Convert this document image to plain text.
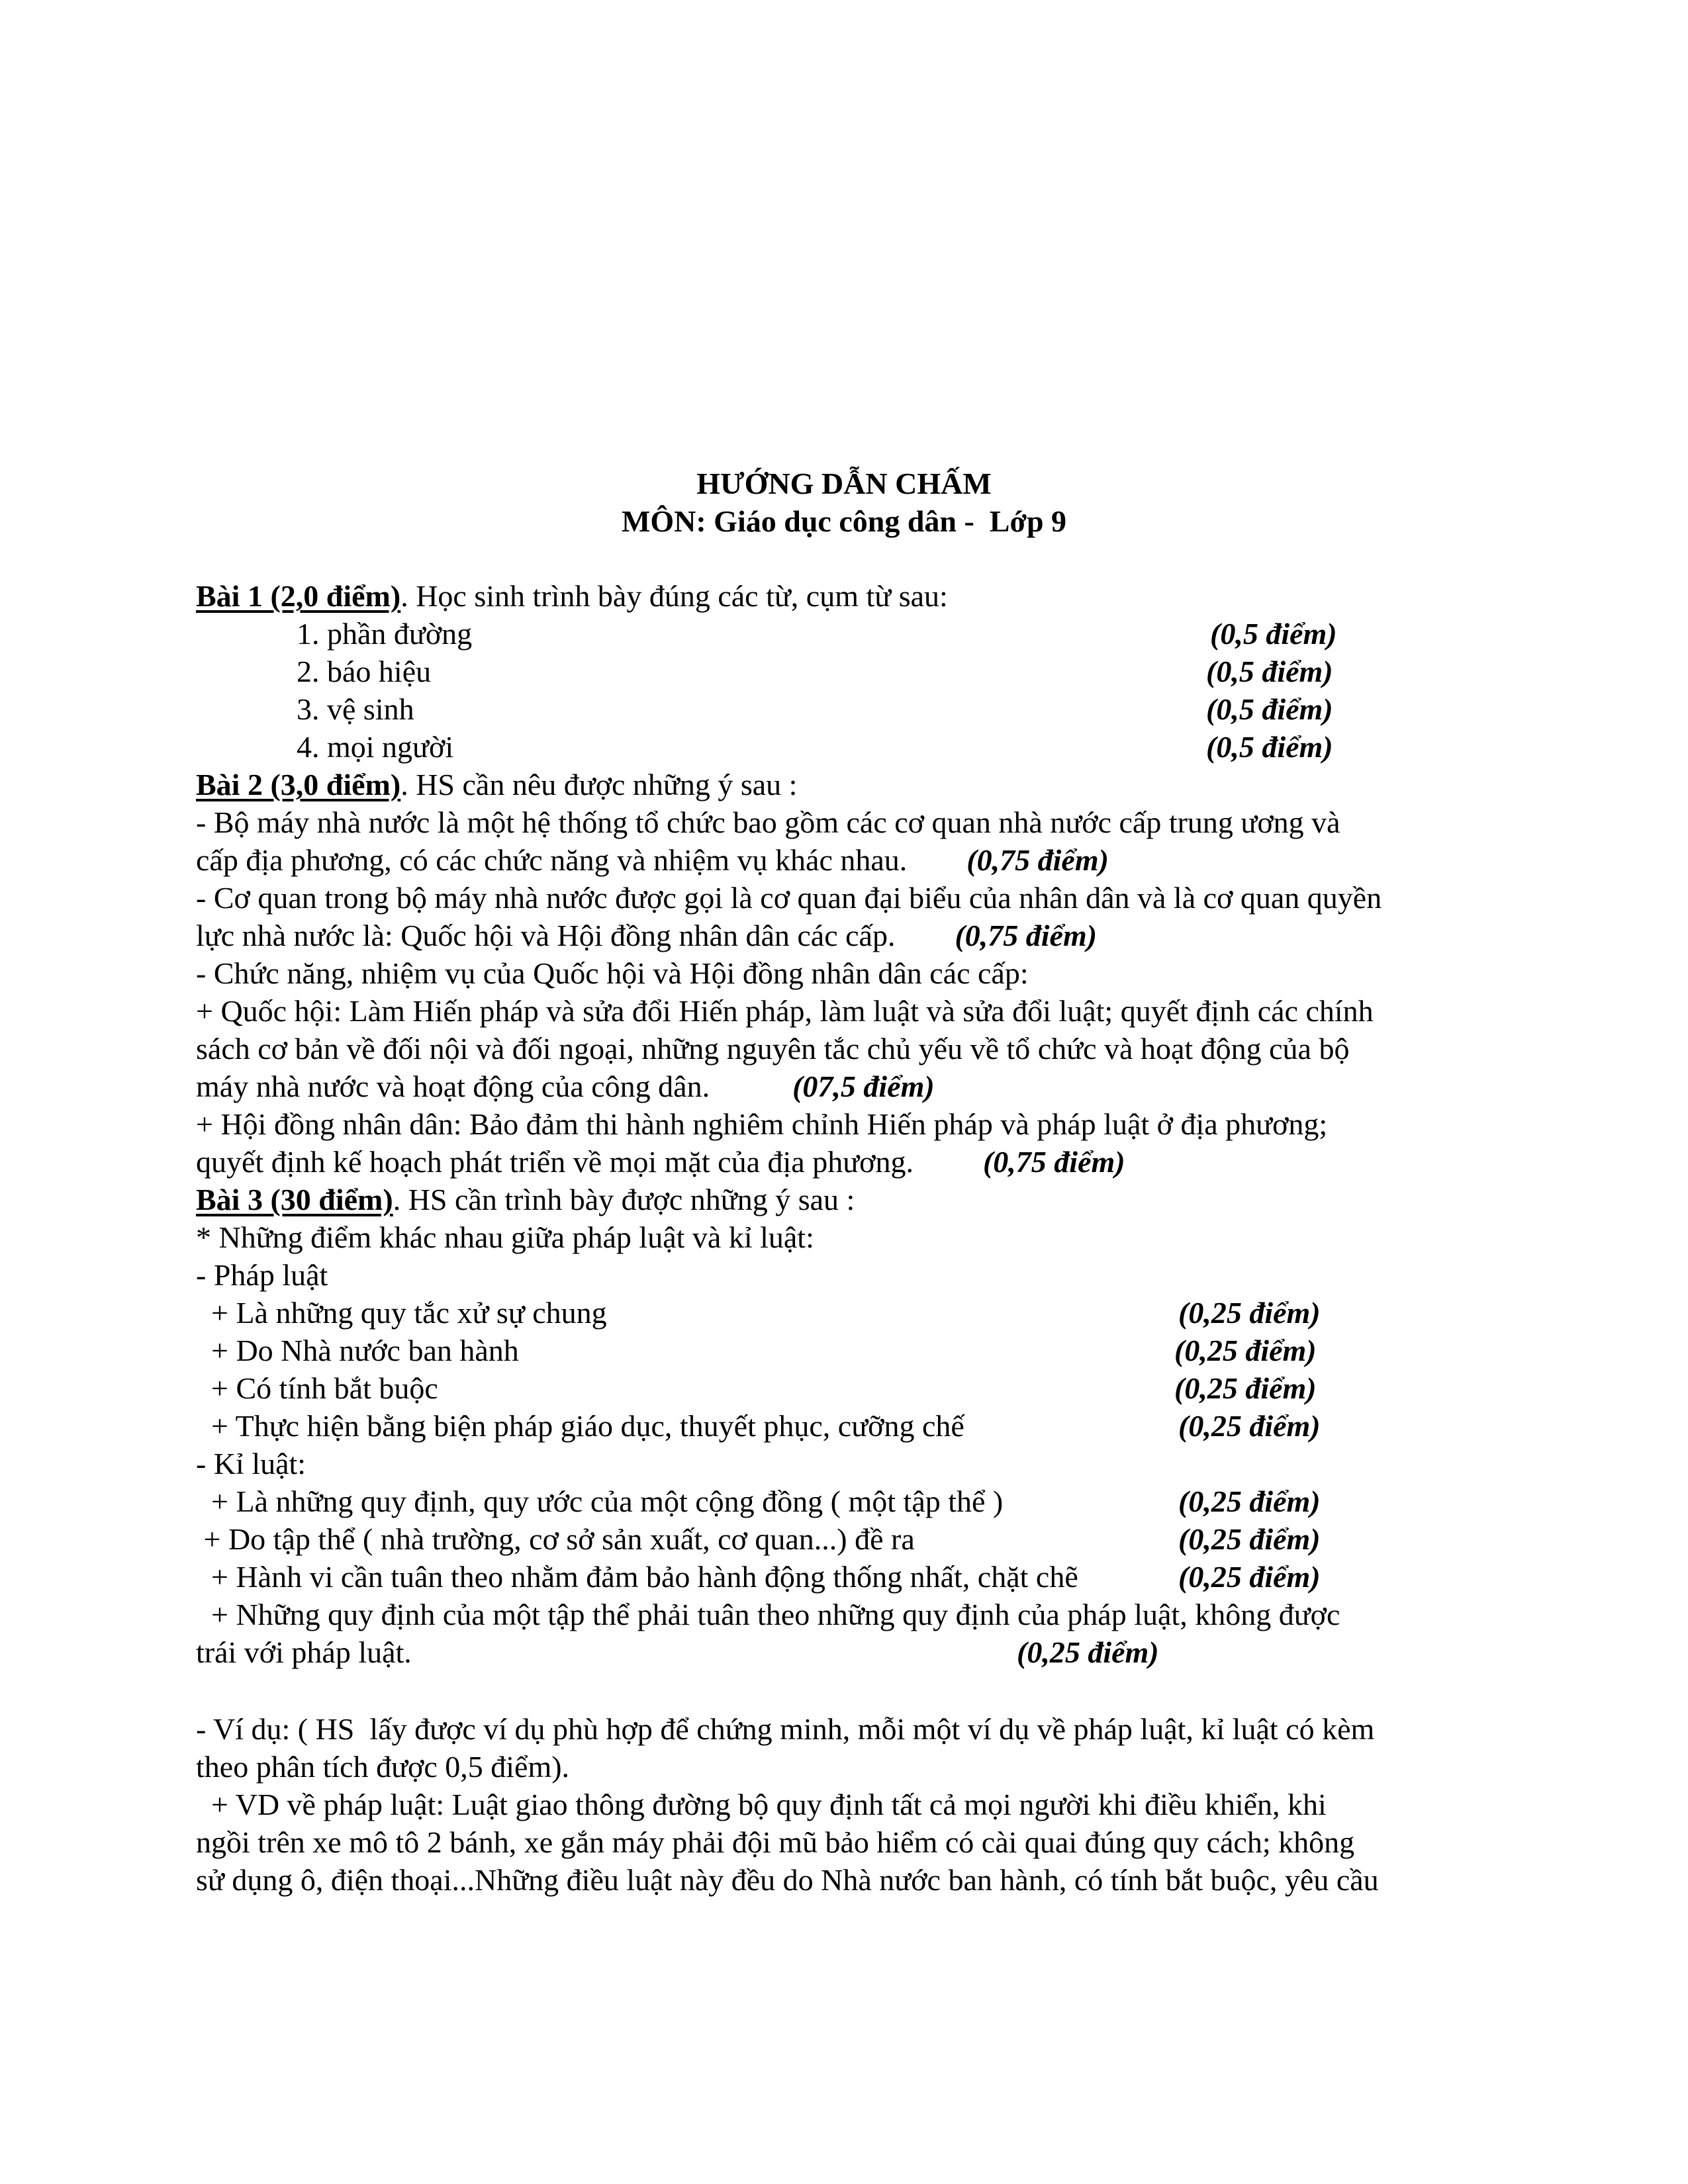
HƯỚNG DẪN CHẤM
MÔN: Giáo dục công dân -  Lớp 9
Bài 1 (2,0 điểm). Học sinh trình bày đúng các từ, cụm từ sau:
1. phần đường	(0,5 điểm)
2. báo hiệu	(0,5 điểm)
3. vệ sinh	(0,5 điểm)
4. mọi người	(0,5 điểm)
Bài 2 (3,0 điểm). HS cần nêu được những ý sau :
- Bộ máy nhà nước là một hệ thống tổ chức bao gồm các cơ quan nhà nước cấp trung ương và
cấp địa phương, có các chức năng và nhiệm vụ khác nhau. (0,75 điểm)
- Cơ quan trong bộ máy nhà nước được gọi là cơ quan đại biểu của nhân dân và là cơ quan quyền
lực nhà nước là: Quốc hội và Hội đồng nhân dân các cấp. (0,75 điểm)
- Chức năng, nhiệm vụ của Quốc hội và Hội đồng nhân dân các cấp:
+ Quốc hội: Làm Hiến pháp và sửa đổi Hiến pháp, làm luật và sửa đổi luật; quyết định các chính
sách cơ bản về đối nội và đối ngoại, những nguyên tắc chủ yếu về tổ chức và hoạt động của bộ
máy nhà nước và hoạt động của công dân.	(07,5 điểm)
+ Hội đồng nhân dân: Bảo đảm thi hành nghiêm chỉnh Hiến pháp và pháp luật ở địa phương;
quyết định kế hoạch phát triển về mọi mặt của địa phương. (0,75 điểm)
Bài 3 (30 điểm). HS cần trình bày được những ý sau :
* Những điểm khác nhau giữa pháp luật và kỉ luật:
- Pháp luật
+ Là những quy tắc xử sự chung	(0,25 điểm)
+ Do Nhà nước ban hành	(0,25 điểm)
+ Có tính bắt buộc	(0,25 điểm)
+ Thực hiện bằng biện pháp giáo dục, thuyết phục, cưỡng chế	(0,25 điểm)
- Kỉ luật:
+ Là những quy định, quy ước của một cộng đồng ( một tập thể )	(0,25 điểm)
+ Do tập thể ( nhà trường, cơ sở sản xuất, cơ quan...) đề ra	(0,25 điểm)
+ Hành vi cần tuân theo nhằm đảm bảo hành động thống nhất, chặt chẽ	(0,25 điểm)
+ Những quy định của một tập thể phải tuân theo những quy định của pháp luật, không được
trái với pháp luật.	(0,25 điểm)
- Ví dụ: ( HS  lấy được ví dụ phù hợp để chứng minh, mỗi một ví dụ về pháp luật, kỉ luật có kèm
theo phân tích được 0,5 điểm).
+ VD về pháp luật: Luật giao thông đường bộ quy định tất cả mọi người khi điều khiển, khi
ngồi trên xe mô tô 2 bánh, xe gắn máy phải đội mũ bảo hiểm có cài quai đúng quy cách; không
sử dụng ô, điện thoại...Những điều luật này đều do Nhà nước ban hành, có tính bắt buộc, yêu cầu
